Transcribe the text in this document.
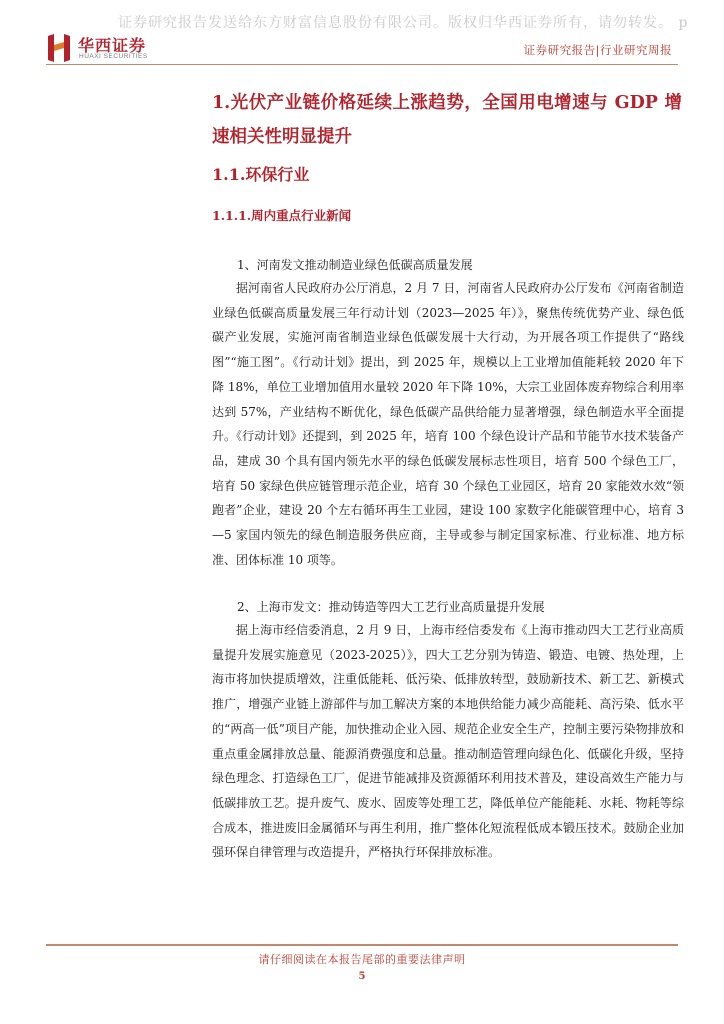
证券研究报告发送给东方财富信息股份有限公司。版权归华西证券所有，请勿转发。 p
华西证券
HUAXI SECURITIES	证券研究报告|行业研究周报
1.光伏产业链价格延续上涨趋势，全国用电增速与 GDP 增速相关性明显提升
1.1.环保行业
1.1.1.周内重点行业新闻
1、河南发文推动制造业绿色低碳高质量发展

据河南省人民政府办公厅消息，2 月 7 日，河南省人民政府办公厅发布《河南省制造业绿色低碳高质量发展三年行动计划（2023—2025 年）》，聚焦传统优势产业、绿色低碳产业发展，实施河南省制造业绿色低碳发展十大行动，为开展各项工作提供了“路线图”“施工图”。《行动计划》提出，到 2025 年，规模以上工业增加值能耗较 2020 年下降 18%，单位工业增加值用水量较 2020 年下降 10%，大宗工业固体废弃物综合利用率达到 57%，产业结构不断优化，绿色低碳产品供给能力显著增强，绿色制造水平全面提升。《行动计划》还提到，到 2025 年，培育 100 个绿色设计产品和节能节水技术装备产品，建成 30 个具有国内领先水平的绿色低碳发展标志性项目，培育 500 个绿色工厂，培育 50 家绿色供应链管理示范企业，培育 30 个绿色工业园区，培育 20 家能效水效“领跑者”企业，建设 20 个左右循环再生工业园，建设 100 家数字化能碳管理中心，培育 3—5 家国内领先的绿色制造服务供应商，主导或参与制定国家标准、行业标准、地方标准、团体标准 10 项等。

2、上海市发文：推动铸造等四大工艺行业高质量提升发展

据上海市经信委消息，2 月 9 日，上海市经信委发布《上海市推动四大工艺行业高质量提升发展实施意见（2023-2025）》，四大工艺分别为铸造、锻造、电镀、热处理，上海市将加快提质增效，注重低能耗、低污染、低排放转型，鼓励新技术、新工艺、新模式推广，增强产业链上游部件与加工解决方案的本地供给能力减少高能耗、高污染、低水平的“两高一低”项目产能，加快推动企业入园、规范企业安全生产，控制主要污染物排放和重点重金属排放总量、能源消费强度和总量。推动制造管理向绿色化、低碳化升级，坚持绿色理念、打造绿色工厂，促进节能减排及资源循环利用技术普及，建设高效生产能力与低碳排放工艺。提升废气、废水、固废等处理工艺，降低单位产能能耗、水耗、物耗等综合成本，推进废旧金属循环与再生利用，推广整体化短流程低成本锻压技术。鼓励企业加强环保自律管理与改造提升，严格执行环保排放标准。

请仔细阅读在本报告尾部的重要法律声明
5
